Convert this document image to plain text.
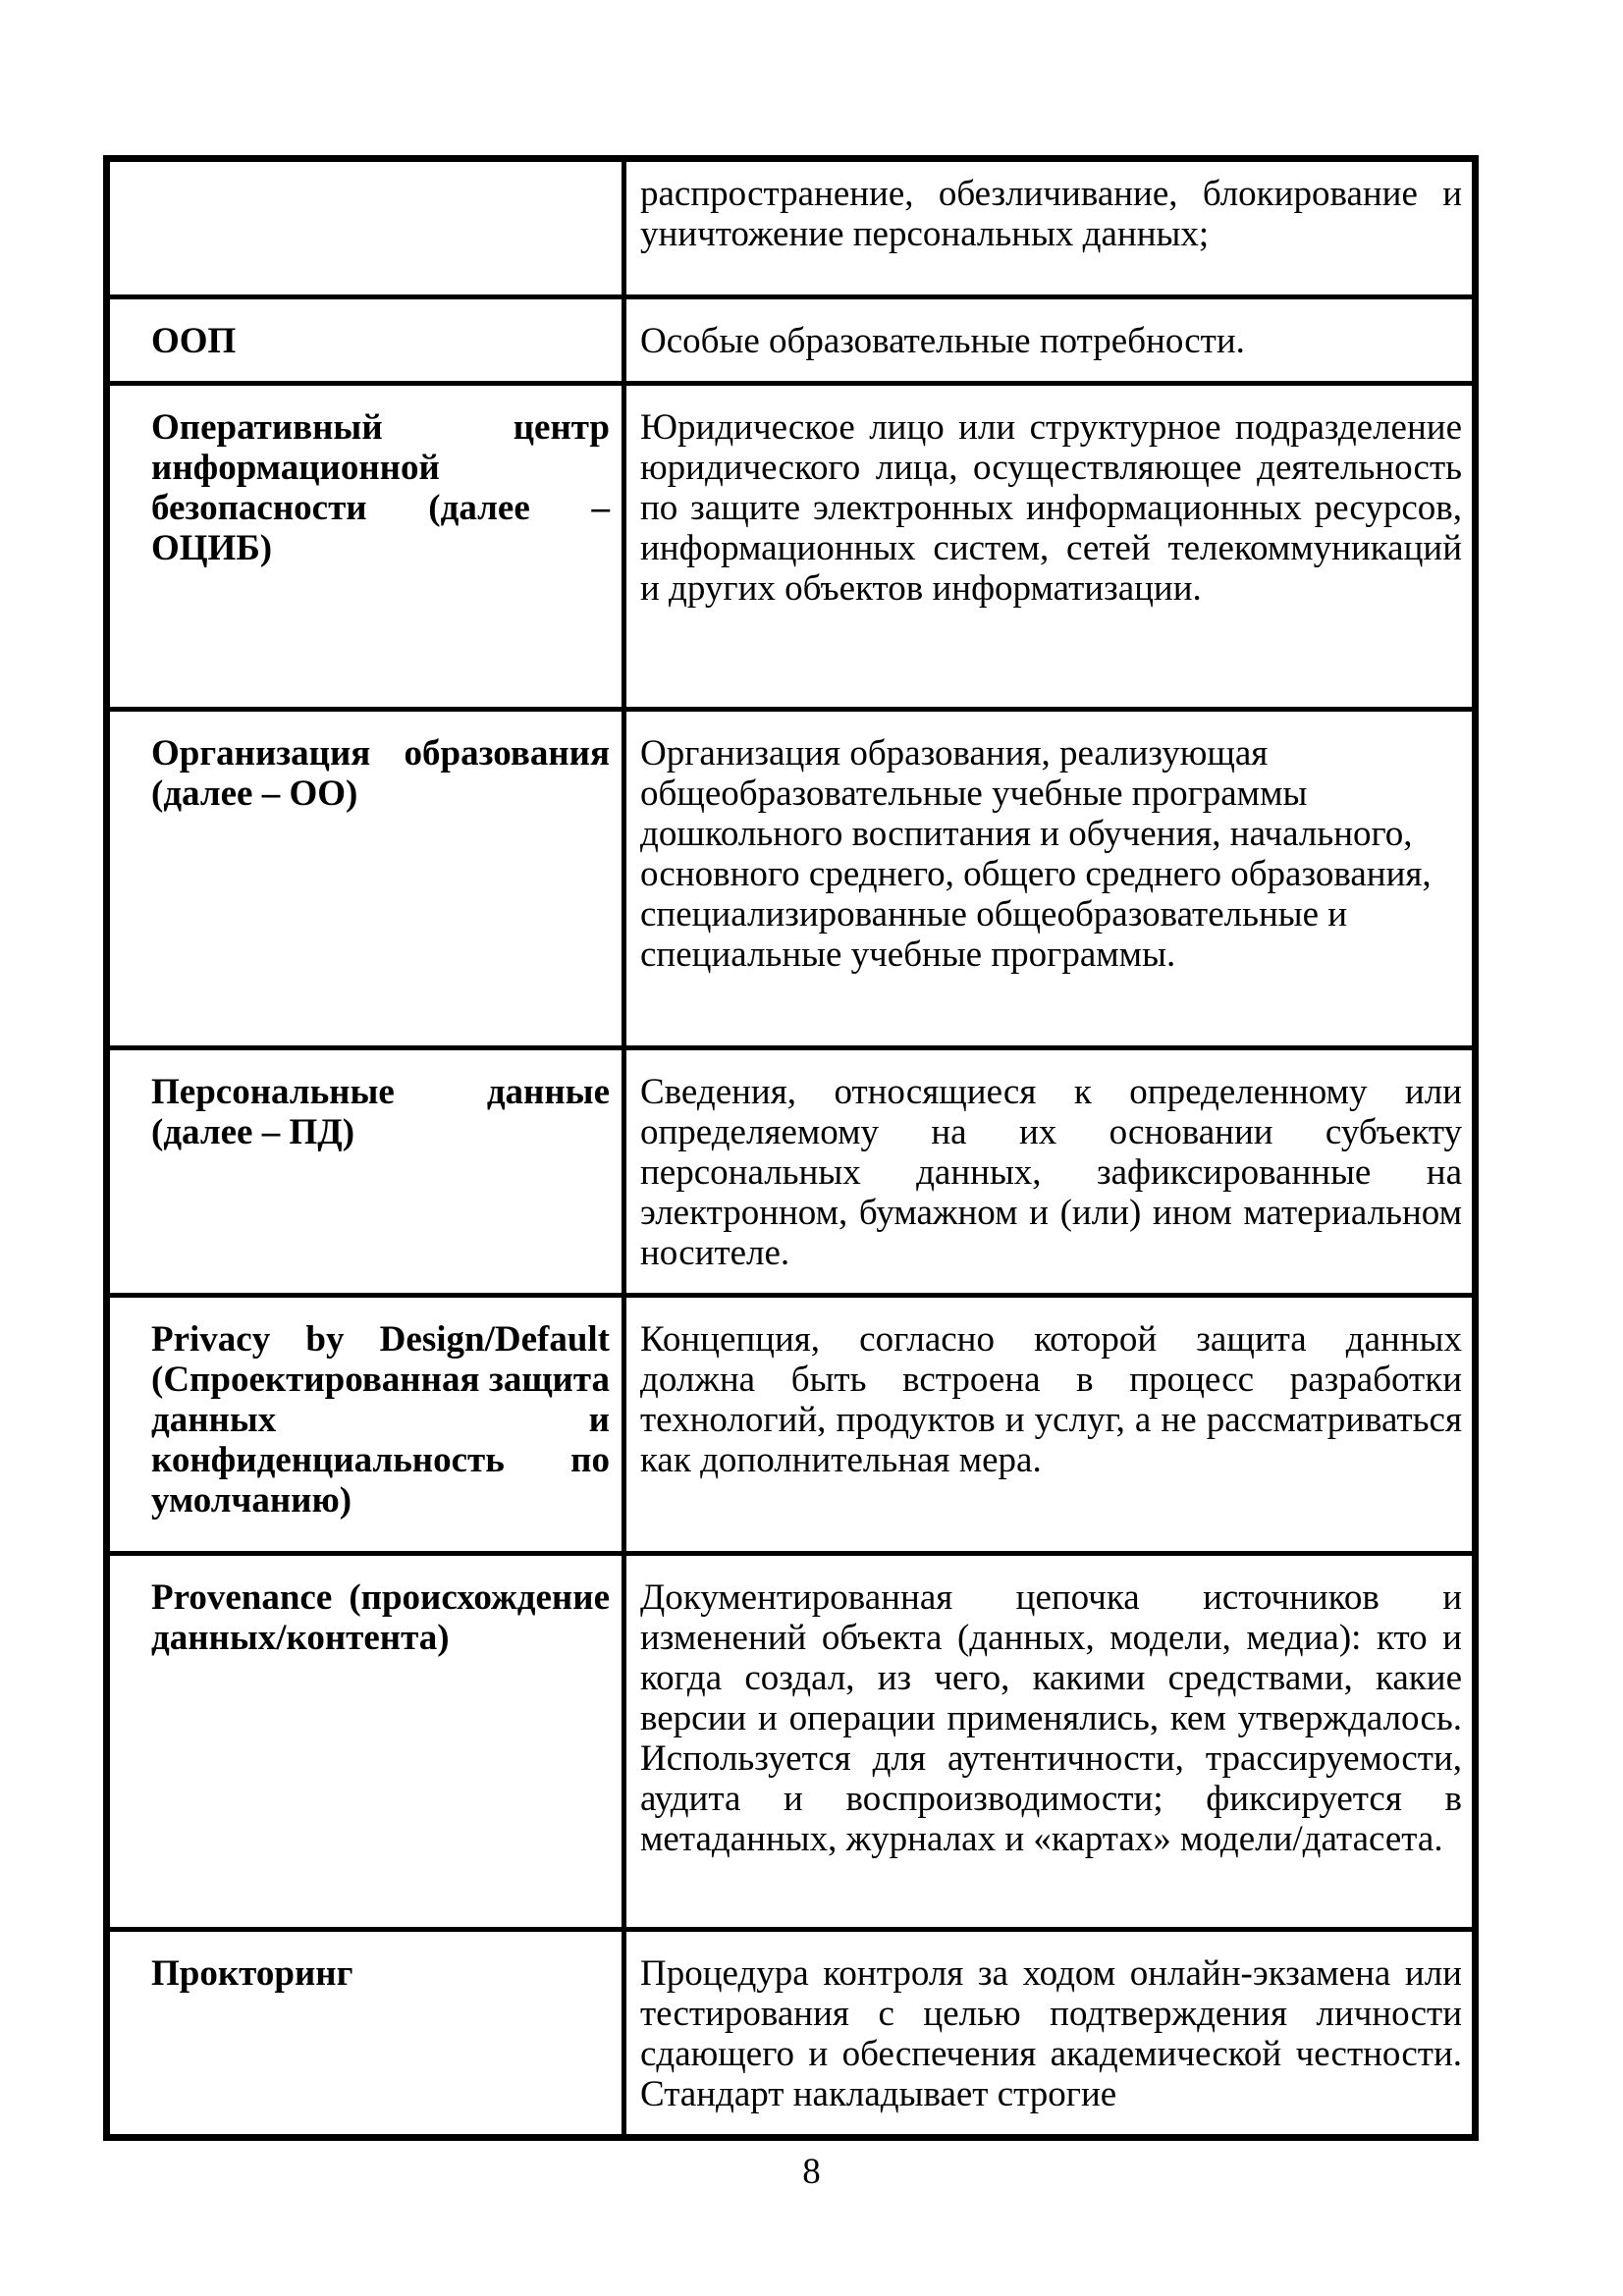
	распространение, обезличивание, блокирование и уничтожение персональных данных;
ООП	Особые образовательные потребности.
Оперативный центр информационной безопасности (далее – ОЦИБ)	Юридическое лицо или структурное подразделение юридического лица, осуществляющее деятельность по защите электронных информационных ресурсов, информационных систем, сетей телекоммуникаций и других объектов информатизации.
Организация образования (далее – ОО)	Организация образования, реализующая общеобразовательные учебные программы дошкольного воспитания и обучения, начального, основного среднего, общего среднего образования, специализированные общеобразовательные и специальные учебные программы.
Персональные данные (далее – ПД)	Сведения, относящиеся к определенному или определяемому на их основании субъекту персональных данных, зафиксированные на электронном, бумажном и (или) ином материальном носителе.
Privacy by Design/Default (Спроектированная защита данных и конфиденциальность по умолчанию)	Концепция, согласно которой защита данных должна быть встроена в процесс разработки технологий, продуктов и услуг, а не рассматриваться как дополнительная мера.
Provenance (происхождение данных/контента)	Документированная цепочка источников и изменений объекта (данных, модели, медиа): кто и когда создал, из чего, какими средствами, какие версии и операции применялись, кем утверждалось. Используется для аутентичности, трассируемости, аудита и воспроизводимости; фиксируется в метаданных, журналах и «картах» модели/датасета.
Прокторинг	Процедура контроля за ходом онлайн-экзамена или тестирования с целью подтверждения личности сдающего и обеспечения академической честности. Стандарт накладывает строгие
8
